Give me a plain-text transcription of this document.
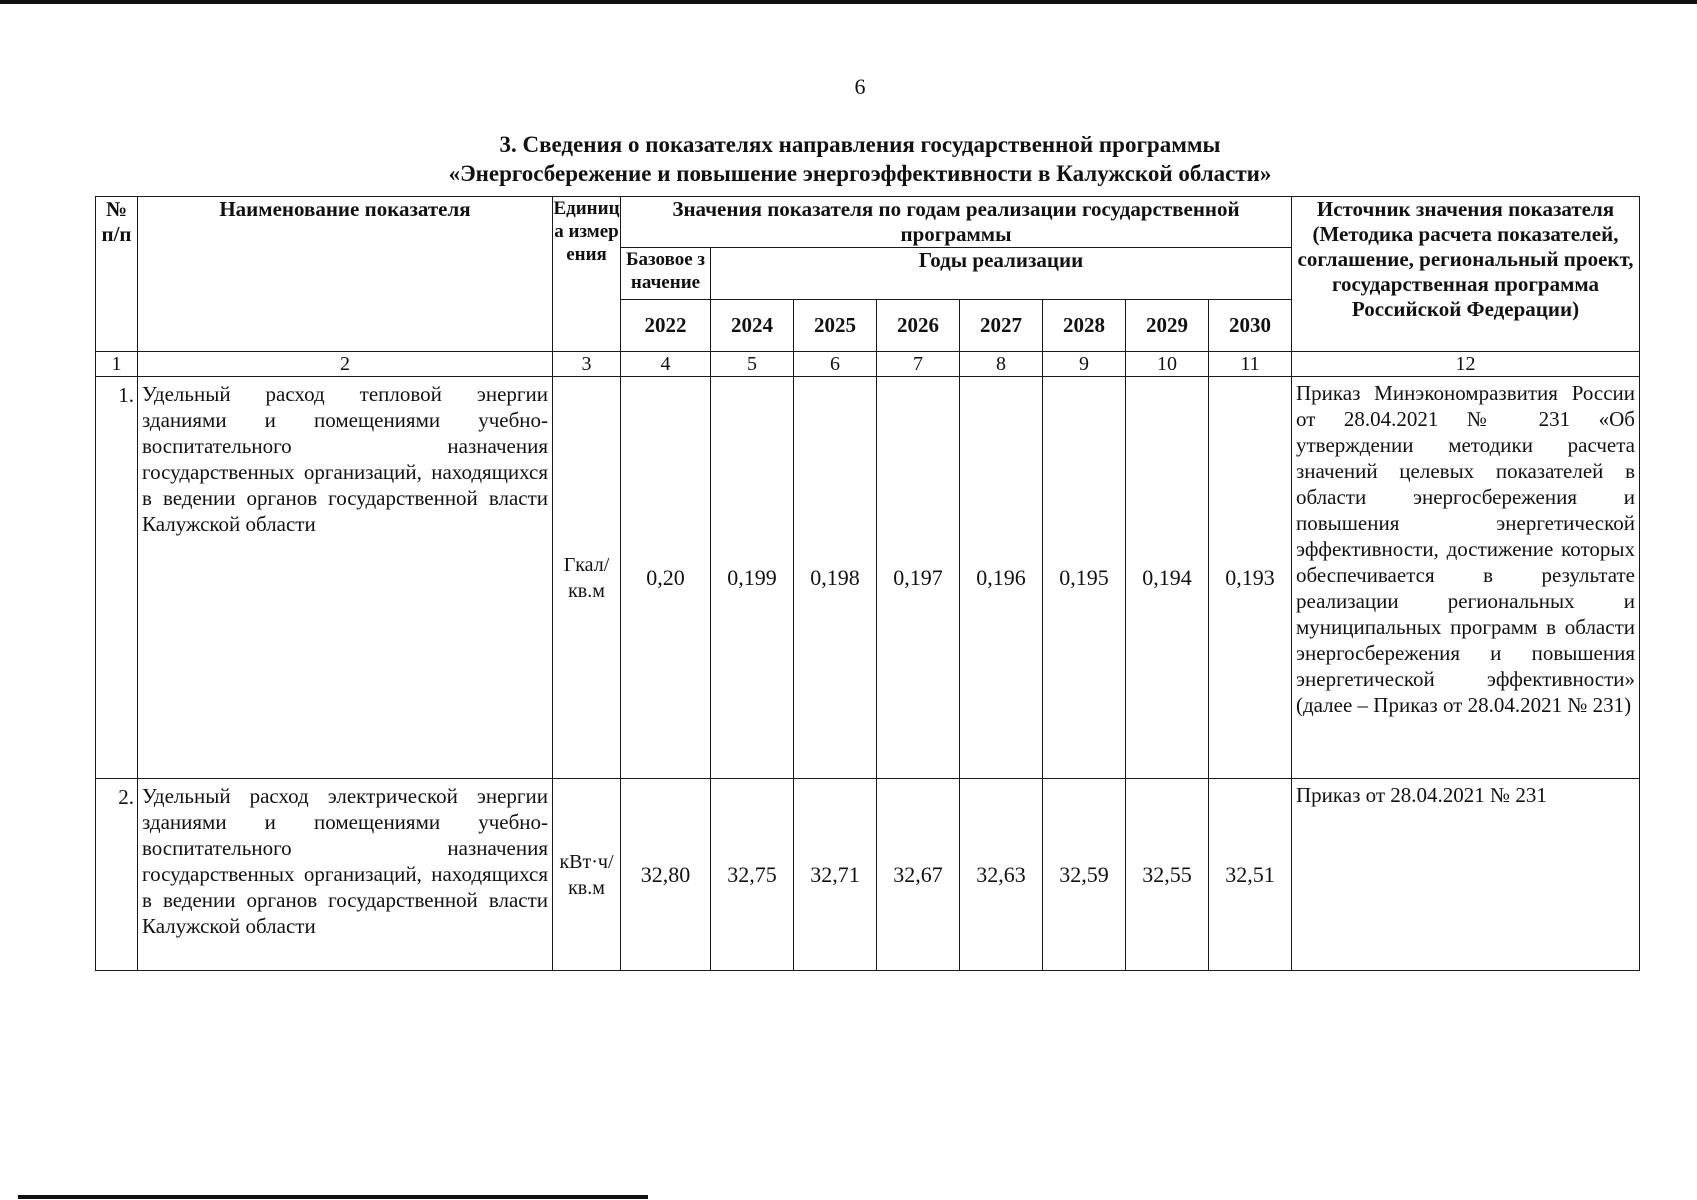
6
3. Сведения о показателях направления государственной программы
«Энергосбережение и повышение энергоэффективности в Калужской области»
№ п/п	Наименование показателя	Единица измерения	Значения показателя по годам реализации государственной программы								Источник значения показателя (Методика расчета показателей, соглашение, региональный проект, государственная программа Российской Федерации)
			Базовое значение	Годы реализации							
			2022	2024	2025	2026	2027	2028	2029	2030	
1	2	3	4	5	6	7	8	9	10	11	12
1.	Удельный расход тепловой энергии зданиями и помещениями учебно-воспитательного назначения государственных организаций, находящихся в ведении органов государственной власти Калужской области	Гкал/ кв.м	0,20	0,199	0,198	0,197	0,196	0,195	0,194	0,193	Приказ Минэкономразвития России от 28.04.2021 № 231 «Об утверждении методики расчета значений целевых показателей в области энергосбережения и повышения энергетической эффективности, достижение которых обеспечивается в результате реализации региональных и муниципальных программ в области энергосбережения и повышения энергетической эффективности» (далее – Приказ от 28.04.2021 № 231)
2.	Удельный расход электрической энергии зданиями и помещениями учебно-воспитательного назначения государственных организаций, находящихся в ведении органов государственной власти Калужской области	кВт·ч/ кв.м	32,80	32,75	32,71	32,67	32,63	32,59	32,55	32,51	Приказ от 28.04.2021 № 231
